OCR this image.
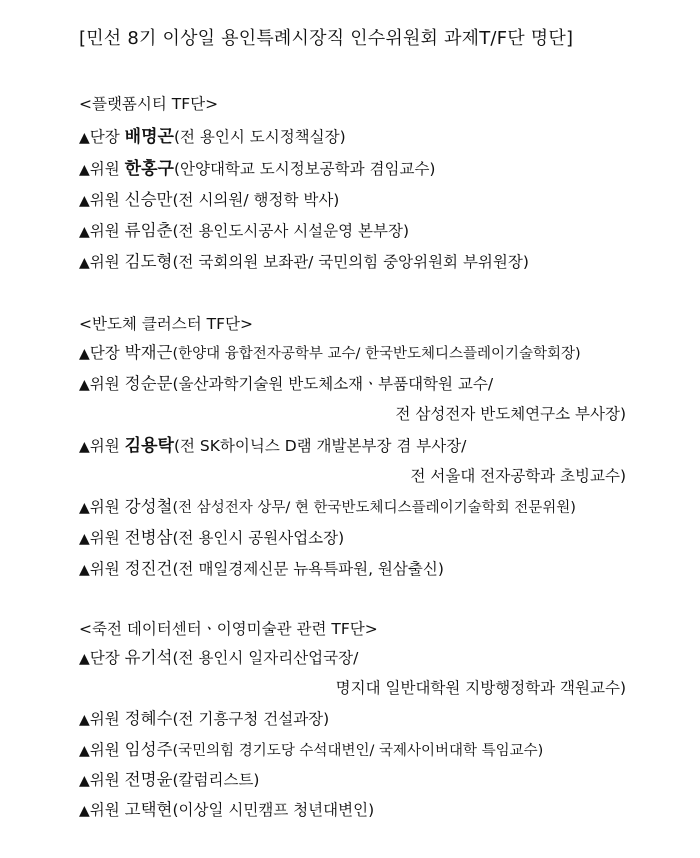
[민선 8기 이상일 용인특례시장직 인수위원회 과제T/F단 명단]
<플랫폼시티 TF단>
▲단장 배명곤(전 용인시 도시정책실장)
▲위원 한홍구(안양대학교 도시정보공학과 겸임교수)
▲위원 신승만(전 시의원/ 행정학 박사)
▲위원 류임춘(전 용인도시공사 시설운영 본부장)
▲위원 김도형(전 국회의원 보좌관/ 국민의힘 중앙위원회 부위원장)
<반도체 클러스터 TF단>
▲단장 박재근(한양대 융합전자공학부 교수/ 한국반도체디스플레이기술학회장)
▲위원 정순문(울산과학기술원 반도체소재ㆍ부품대학원 교수/
전 삼성전자 반도체연구소 부사장)
▲위원 김용탁(전 SK하이닉스 D램 개발본부장 겸 부사장/
전 서울대 전자공학과 초빙교수)
▲위원 강성철(전 삼성전자 상무/ 현 한국반도체디스플레이기술학회 전문위원)
▲위원 전병삼(전 용인시 공원사업소장)
▲위원 정진건(전 매일경제신문 뉴욕특파원, 원삼출신)
<죽전 데이터센터ㆍ이영미술관 관련 TF단>
▲단장 유기석(전 용인시 일자리산업국장/
명지대 일반대학원 지방행정학과 객원교수)
▲위원 정혜수(전 기흥구청 건설과장)
▲위원 임성주(국민의힘 경기도당 수석대변인/ 국제사이버대학 특임교수)
▲위원 전명윤(칼럼리스트)
▲위원 고택현(이상일 시민캠프 청년대변인)
